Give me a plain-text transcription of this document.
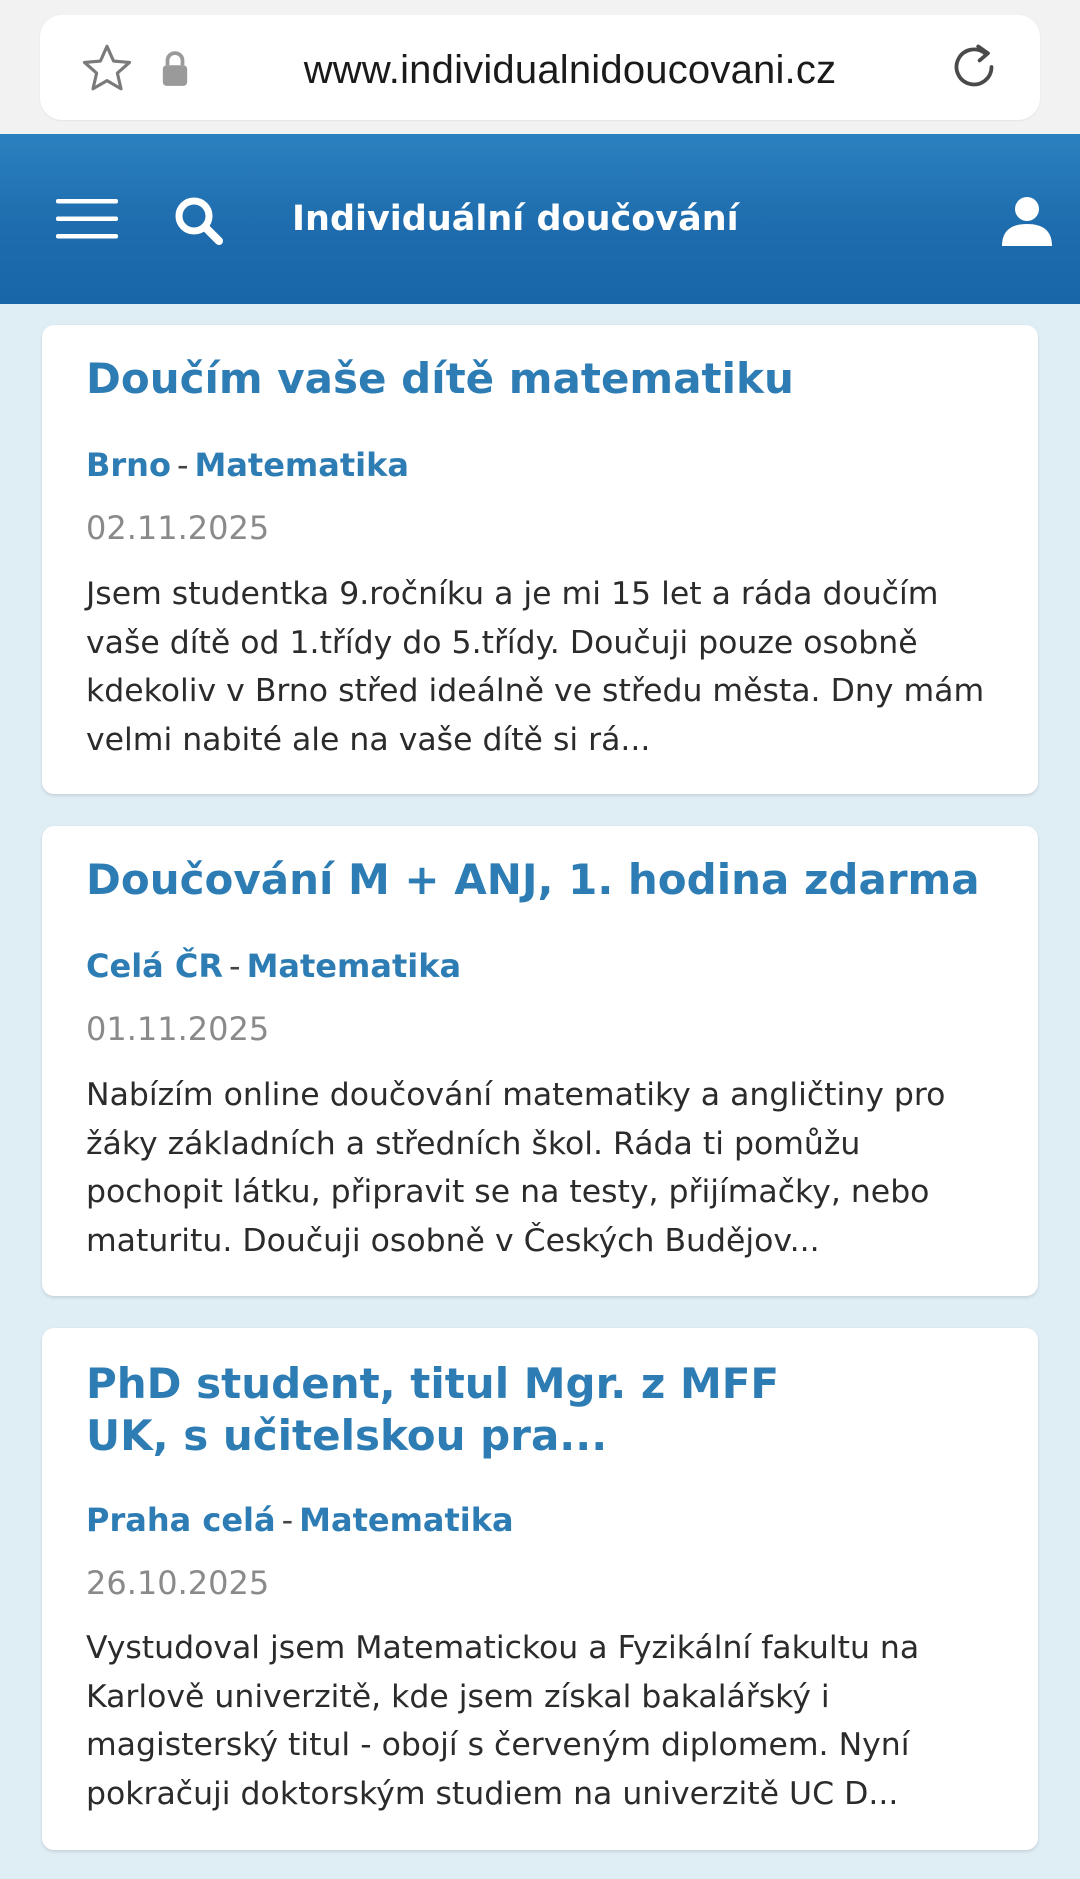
www.individualnidoucovani.cz
Individuální doučování
Doučím vaše dítě matematiku
Brno - Matematika
02.11.2025

Jsem studentka 9.ročníku a je mi 15 let a ráda doučím vaše dítě od 1.třídy do 5.třídy. Doučuji pouze osobně kdekoliv v Brno střed ideálně ve středu města. Dny mám velmi nabité ale na vaše dítě si rá...

Doučování M + ANJ, 1. hodina zdarma
Celá ČR - Matematika
01.11.2025

Nabízím online doučování matematiky a angličtiny pro žáky základních a středních škol. Ráda ti pomůžu pochopit látku, připravit se na testy, přijímačky, nebo maturitu. Doučuji osobně v Českých Budějov...

PhD student, titul Mgr. z MFF UK, s učitelskou pra...
Praha celá - Matematika
26.10.2025

Vystudoval jsem Matematickou a Fyzikální fakultu na Karlově univerzitě, kde jsem získal bakalářský i magisterský titul - obojí s červeným diplomem. Nyní pokračuji doktorským studiem na univerzitě UC D...
